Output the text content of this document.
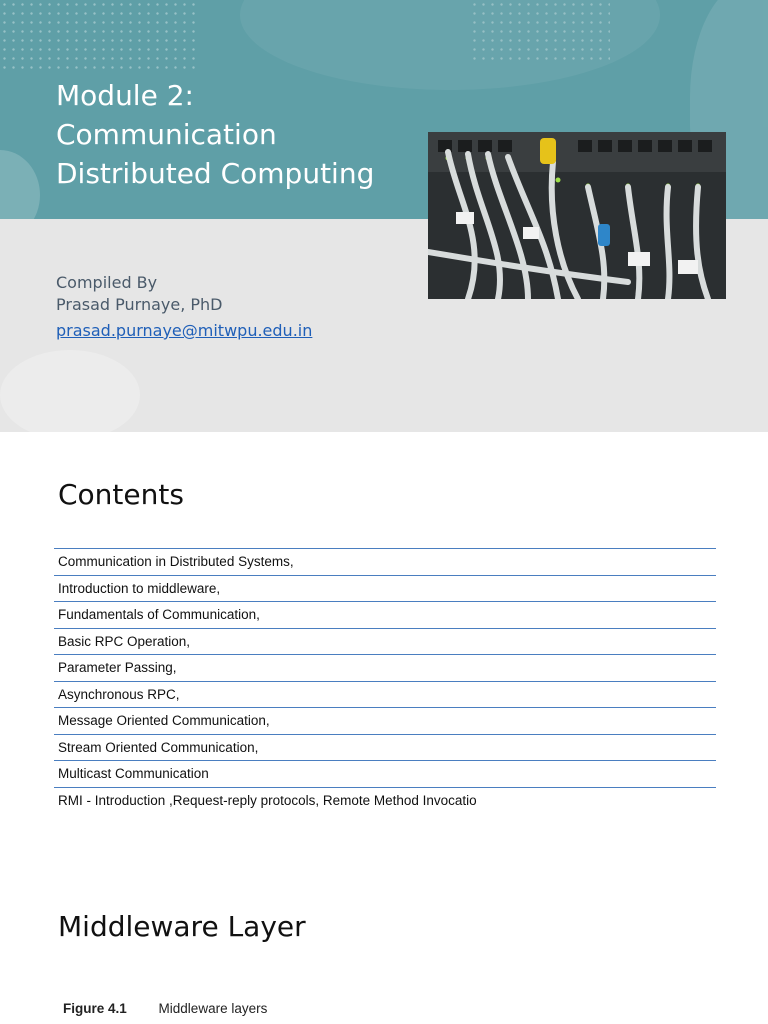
Module 2:
Communication
Distributed Computing
Compiled By
Prasad Purnaye, PhD
prasad.purnaye@mitwpu.edu.in
Contents
Communication in Distributed Systems,
Introduction to middleware,
Fundamentals of Communication,
Basic RPC Operation,
Parameter Passing,
Asynchronous RPC,
Message Oriented Communication,
Stream Oriented Communication,
Multicast Communication
RMI - Introduction ,Request-reply protocols, Remote Method Invocatio
Middleware Layer
Figure 4.1 Middleware layers
